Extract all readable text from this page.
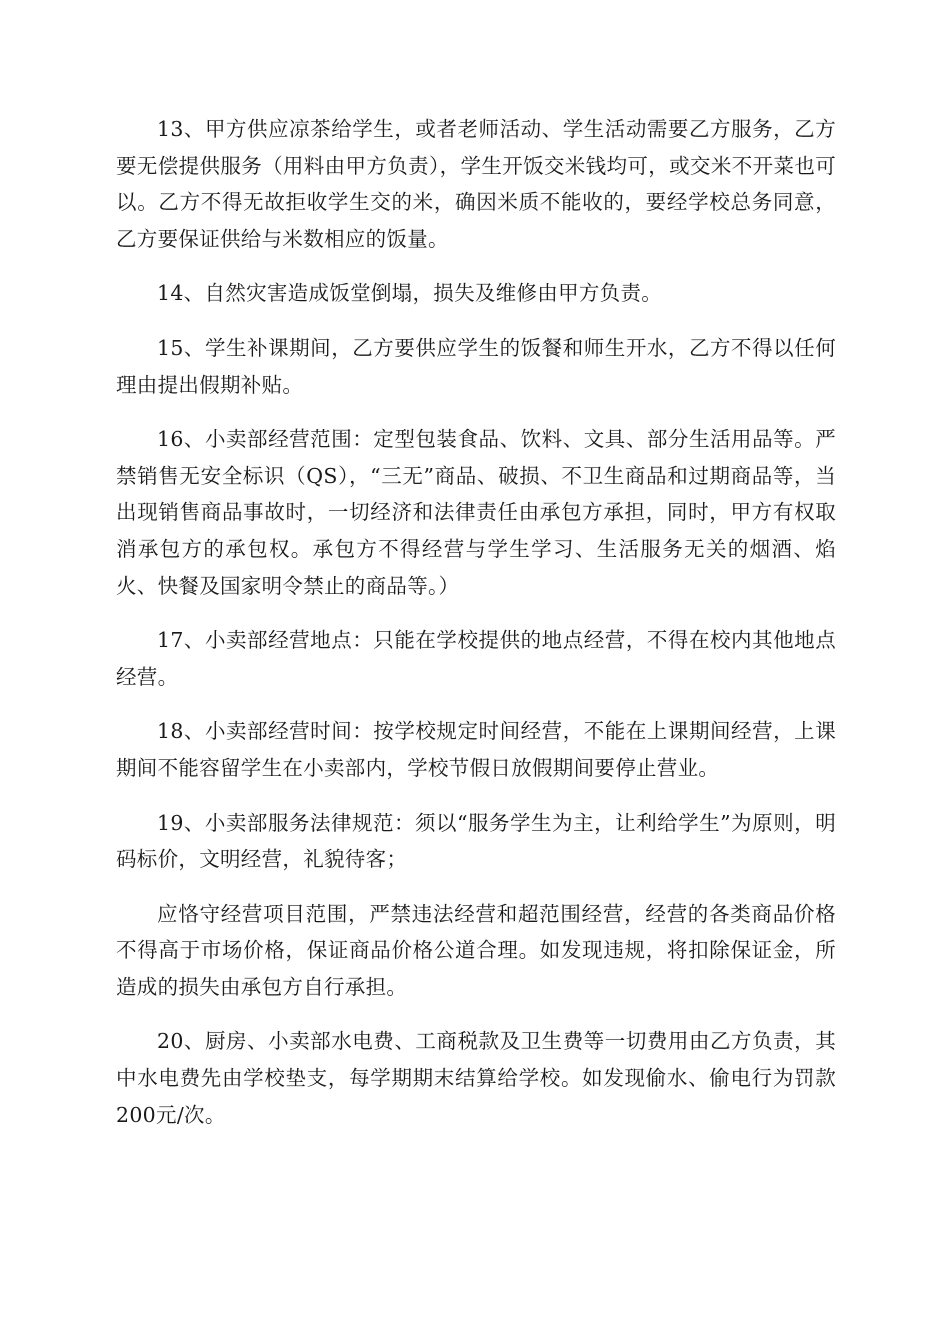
13、甲方供应凉茶给学生，或者老师活动、学生活动需要乙方服务，乙方要无偿提供服务（用料由甲方负责），学生开饭交米钱均可，或交米不开菜也可以。乙方不得无故拒收学生交的米，确因米质不能收的，要经学校总务同意，乙方要保证供给与米数相应的饭量。

14、自然灾害造成饭堂倒塌，损失及维修由甲方负责。

15、学生补课期间，乙方要供应学生的饭餐和师生开水，乙方不得以任何理由提出假期补贴。

16、小卖部经营范围：定型包装食品、饮料、文具、部分生活用品等。严禁销售无安全标识（QS），“三无”商品、破损、不卫生商品和过期商品等，当出现销售商品事故时，一切经济和法律责任由承包方承担，同时，甲方有权取消承包方的承包权。承包方不得经营与学生学习、生活服务无关的烟酒、焰火、快餐及国家明令禁止的商品等。）

17、小卖部经营地点：只能在学校提供的地点经营，不得在校内其他地点经营。

18、小卖部经营时间：按学校规定时间经营，不能在上课期间经营，上课期间不能容留学生在小卖部内，学校节假日放假期间要停止营业。

19、小卖部服务法律规范：须以“服务学生为主，让利给学生”为原则，明码标价，文明经营，礼貌待客；

应恪守经营项目范围，严禁违法经营和超范围经营，经营的各类商品价格不得高于市场价格，保证商品价格公道合理。如发现违规，将扣除保证金，所造成的损失由承包方自行承担。

20、厨房、小卖部水电费、工商税款及卫生费等一切费用由乙方负责，其中水电费先由学校垫支，每学期期末结算给学校。如发现偷水、偷电行为罚款200元/次。
